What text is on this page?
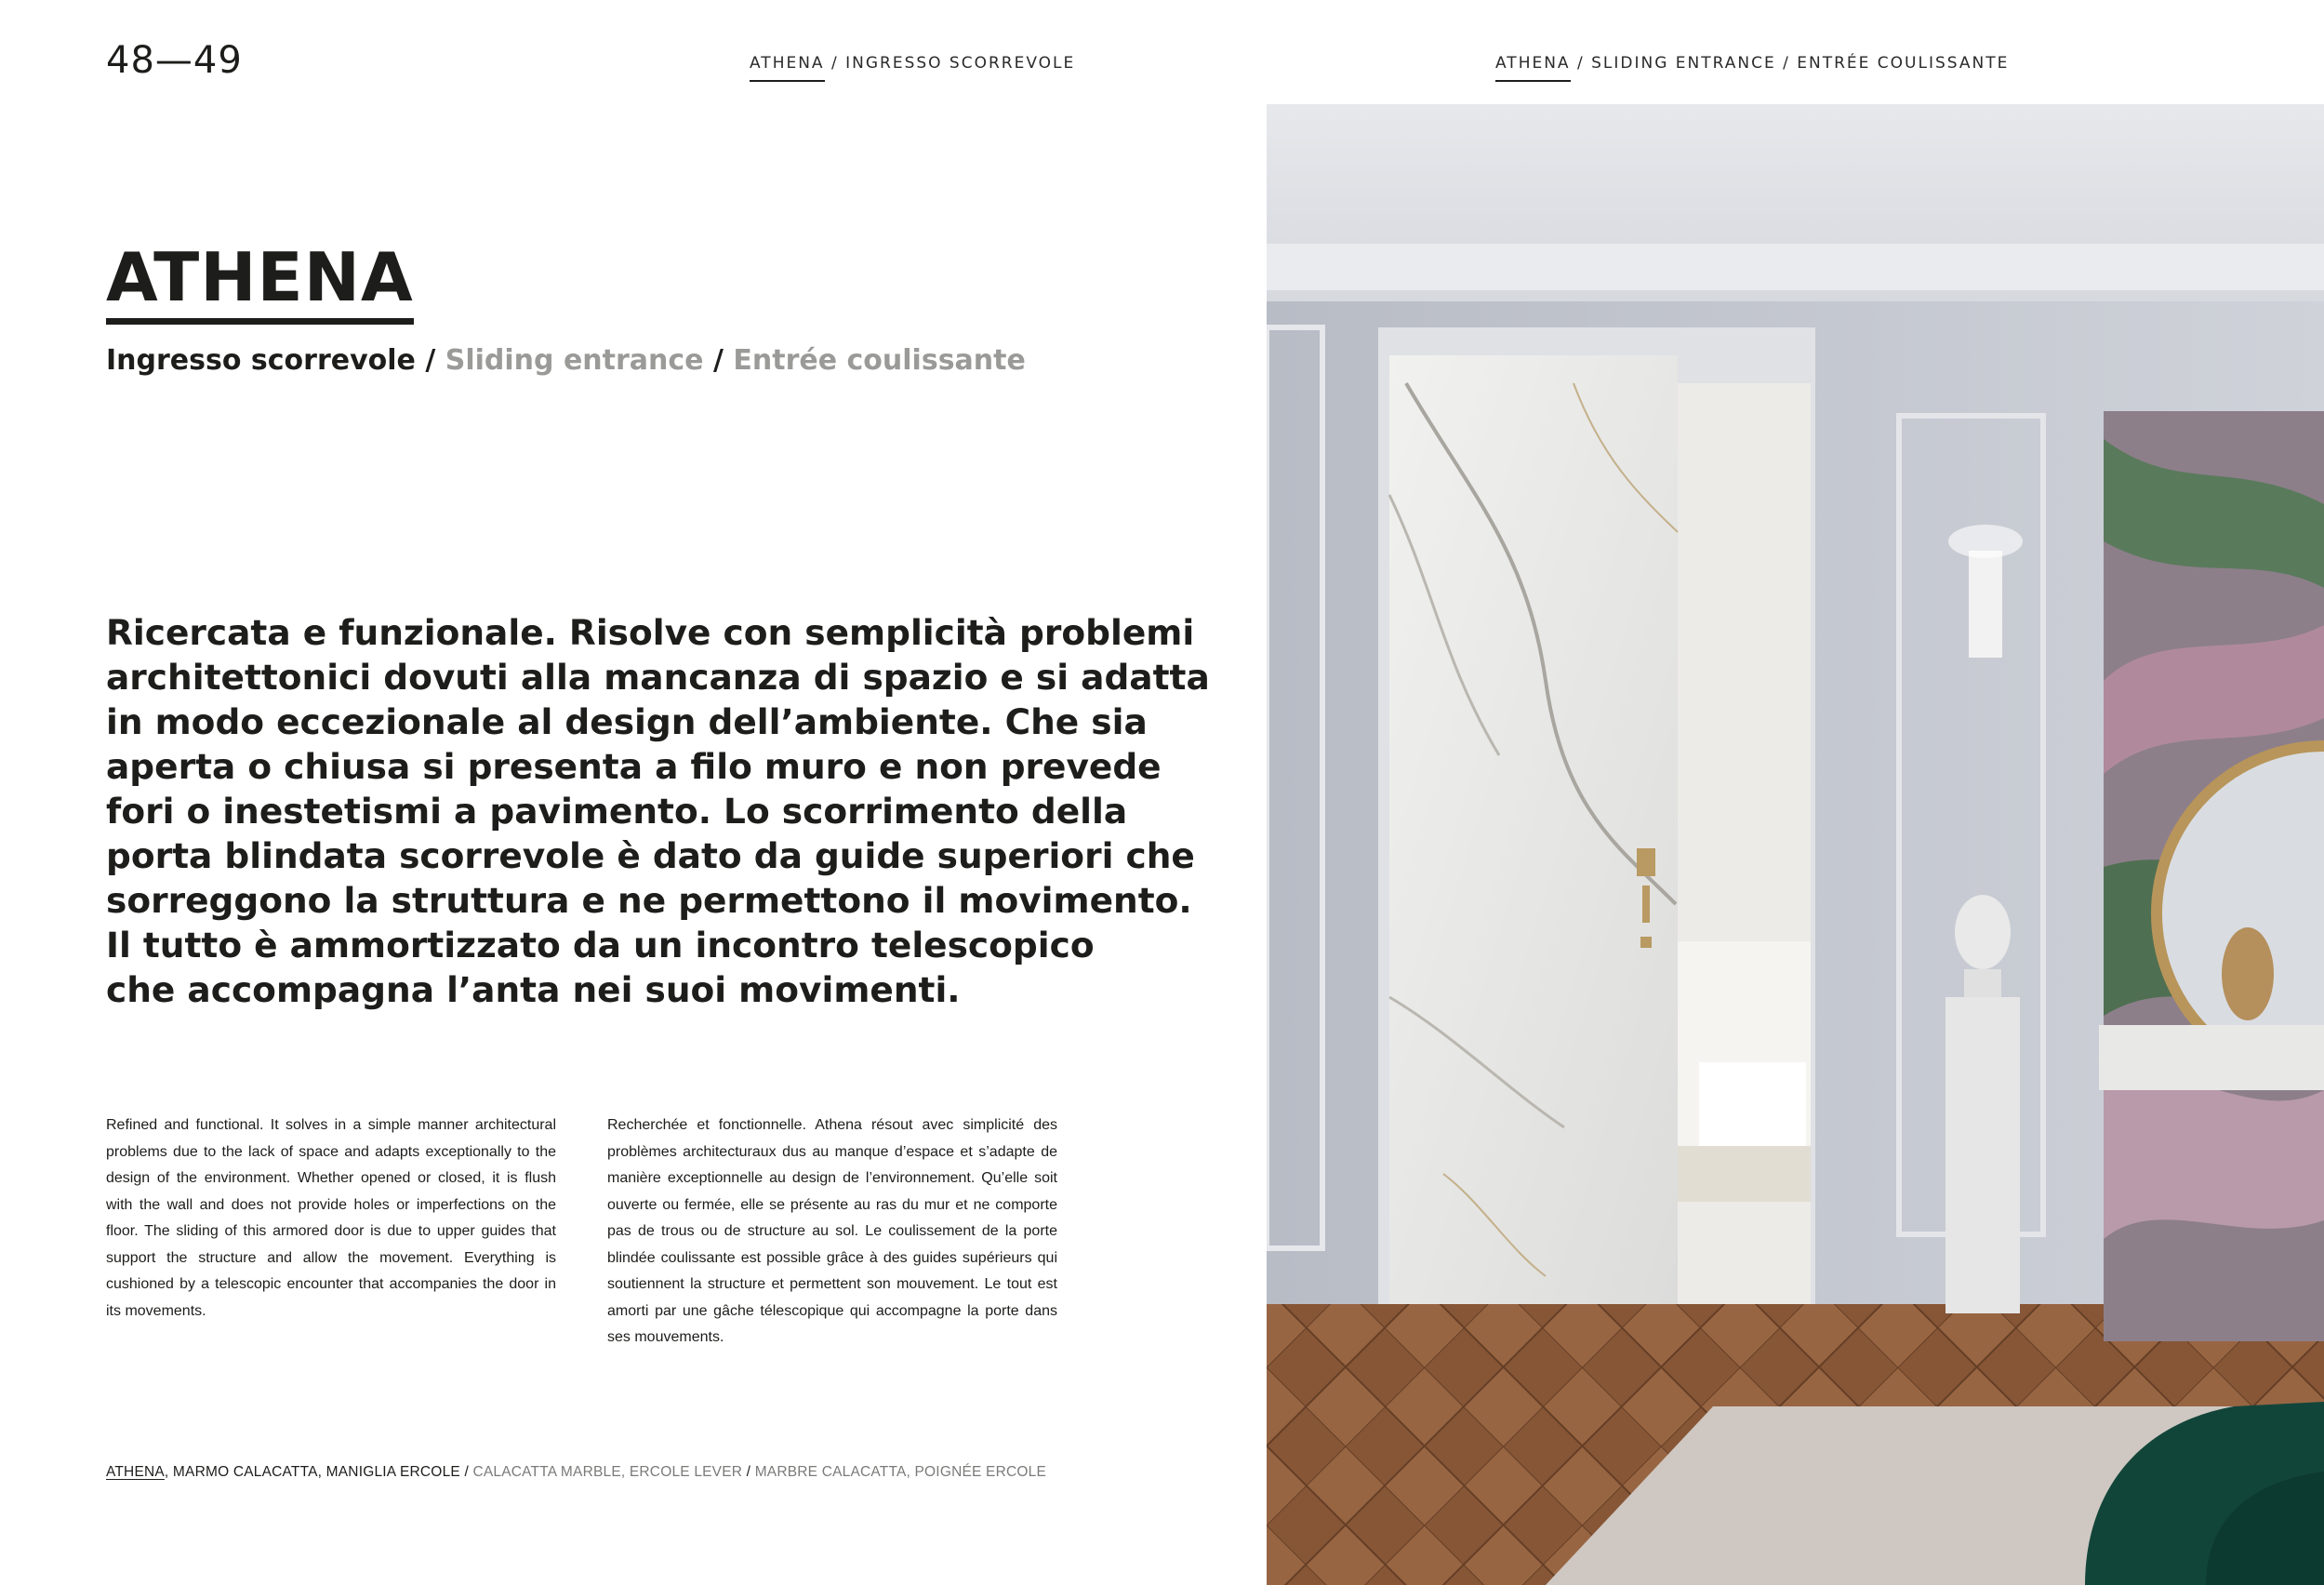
48—49	ATHENA / INGRESSO SCORREVOLE	ATHENA / SLIDING ENTRANCE / ENTRÉE COULISSANTE
ATHENA
Ingresso scorrevole / Sliding entrance / Entrée coulissante
Ricercata e funzionale. Risolve con semplicità problemi
architettonici dovuti alla mancanza di spazio e si adatta
in modo eccezionale al design dell’ambiente. Che sia
aperta o chiusa si presenta a filo muro e non prevede
fori o inestetismi a pavimento. Lo scorrimento della
porta blindata scorrevole è dato da guide superiori che
sorreggono la struttura e ne permettono il movimento.
Il tutto è ammortizzato da un incontro telescopico
che accompagna l’anta nei suoi movimenti.
Refined and functional. It solves in a simple manner architectural problems due to the lack of space and adapts exceptionally to the design of the environment. Whether opened or closed, it is flush with the wall and does not provide holes or imperfections on the floor. The sliding of this armored door is due to upper guides that support the structure and allow the movement. Everything is cushioned by a telescopic encounter that accompanies the door in its movements.
Recherchée et fonctionnelle. Athena résout avec simplicité des problèmes architecturaux dus au manque d’espace et s’adapte de manière exceptionnelle au design de l’environnement. Qu’elle soit ouverte ou fermée, elle se présente au ras du mur et ne comporte pas de trous ou de structure au sol. Le coulissement de la porte blindée coulissante est possible grâce à des guides supérieurs qui soutiennent la structure et permettent son mouvement. Le tout est amorti par une gâche télescopique qui accompagne la porte dans ses mouvements.
ATHENA, MARMO CALACATTA, MANIGLIA ERCOLE / CALACATTA MARBLE, ERCOLE LEVER / MARBRE CALACATTA, POIGNÉE ERCOLE
